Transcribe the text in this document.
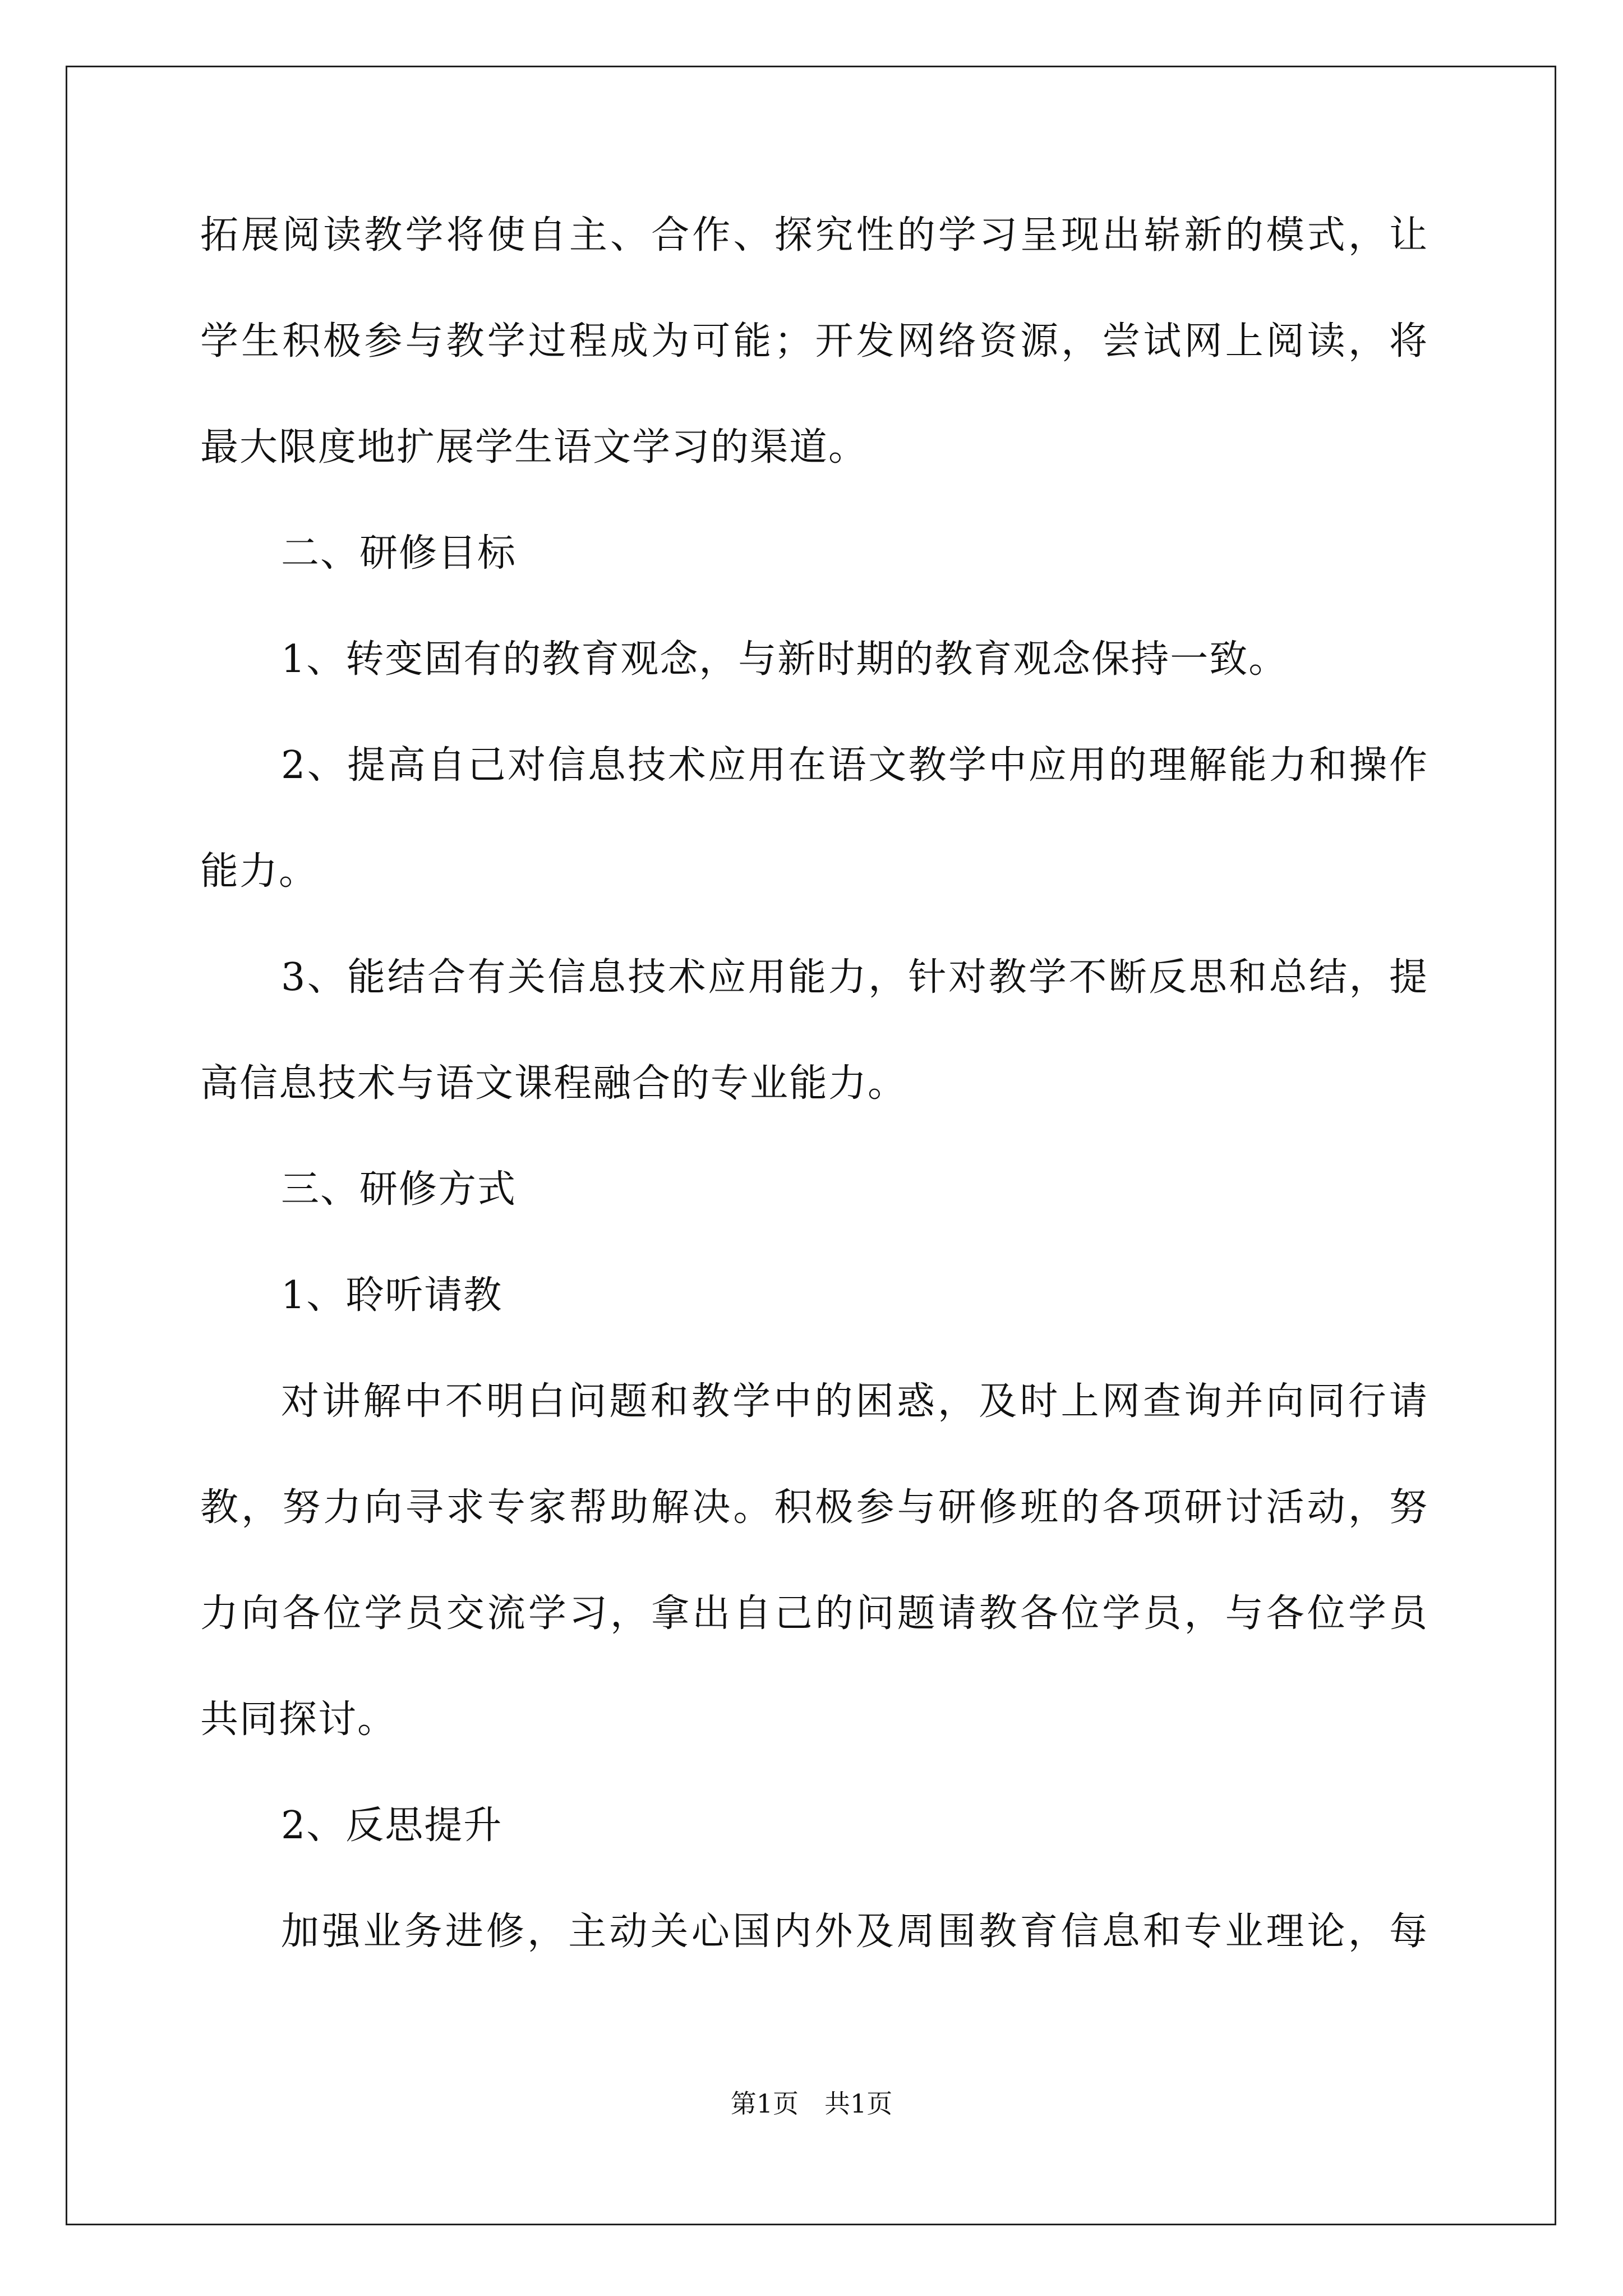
拓展阅读教学将使自主、合作、探究性的学习呈现出崭新的模式，让
学生积极参与教学过程成为可能；开发网络资源，尝试网上阅读，将
最大限度地扩展学生语文学习的渠道。
二、研修目标
1、转变固有的教育观念，与新时期的教育观念保持一致。
2、提高自己对信息技术应用在语文教学中应用的理解能力和操作
能力。
3、能结合有关信息技术应用能力，针对教学不断反思和总结，提
高信息技术与语文课程融合的专业能力。
三、研修方式
1、聆听请教
对讲解中不明白问题和教学中的困惑，及时上网查询并向同行请
教，努力向寻求专家帮助解决。积极参与研修班的各项研讨活动，努
力向各位学员交流学习，拿出自己的问题请教各位学员，与各位学员
共同探讨。
2、反思提升
加强业务进修，主动关心国内外及周围教育信息和专业理论，每
第1页　共1页
